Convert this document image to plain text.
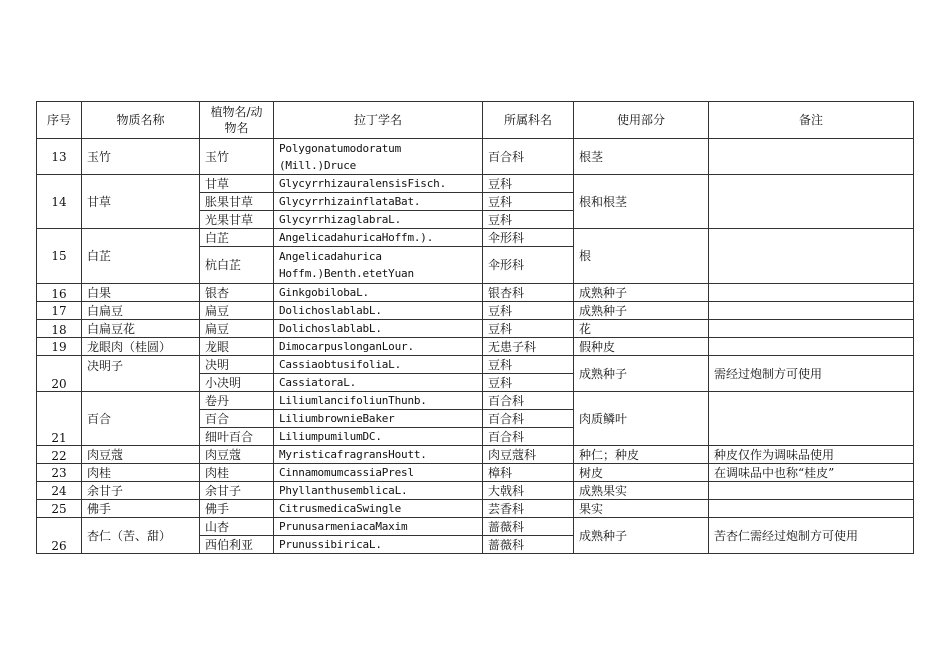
序号	物质名称	植物名/动物名	拉丁学名	所属科名	使用部分	备注
13	玉竹	玉竹	Polygonatumodoratum (Mill.)Druce	百合科	根茎	
14	甘草	甘草	GlycyrrhizauralensisFisch.	豆科	根和根茎	
		胀果甘草	GlycyrrhizainflataBat.	豆科		
		光果甘草	GlycyrrhizaglabraL.	豆科		
15	白芷	白芷	AngelicadahuricaHoffm.).	伞形科	根	
		杭白芷	Angelicadahurica Hoffm.)Benth.etetYuan	伞形科		
16	白果	银杏	GinkgobilobaL.	银杏科	成熟种子	
17	白扁豆	扁豆	DolichoslablabL.	豆科	成熟种子	
18	白扁豆花	扁豆	DolichoslablabL.	豆科	花	
19	龙眼肉（桂圆）	龙眼	DimocarpuslonganLour.	无患子科	假种皮	
20	决明子	决明	CassiaobtusifoliaL.	豆科	成熟种子	需经过炮制方可使用
		小决明	CassiatoraL.	豆科		
21	百合	卷丹	LiliumlancifoliunThunb.	百合科	肉质鳞叶	
		百合	LiliumbrownieBaker	百合科		
		细叶百合	LiliumpumilumDC.	百合科		
22	肉豆蔻	肉豆蔻	MyristicafragransHoutt.	肉豆蔻科	种仁；种皮	种皮仅作为调味品使用
23	肉桂	肉桂	CinnamomumcassiaPresl	樟科	树皮	在调味品中也称“桂皮”
24	余甘子	余甘子	PhyllanthusemblicaL.	大戟科	成熟果实	
25	佛手	佛手	CitrusmedicaSwingle	芸香科	果实	
26	杏仁（苦、甜）	山杏	PrunusarmeniacaMaxim	蔷薇科	成熟种子	苦杏仁需经过炮制方可使用
		西伯利亚	PrunussibiricaL.	蔷薇科		
